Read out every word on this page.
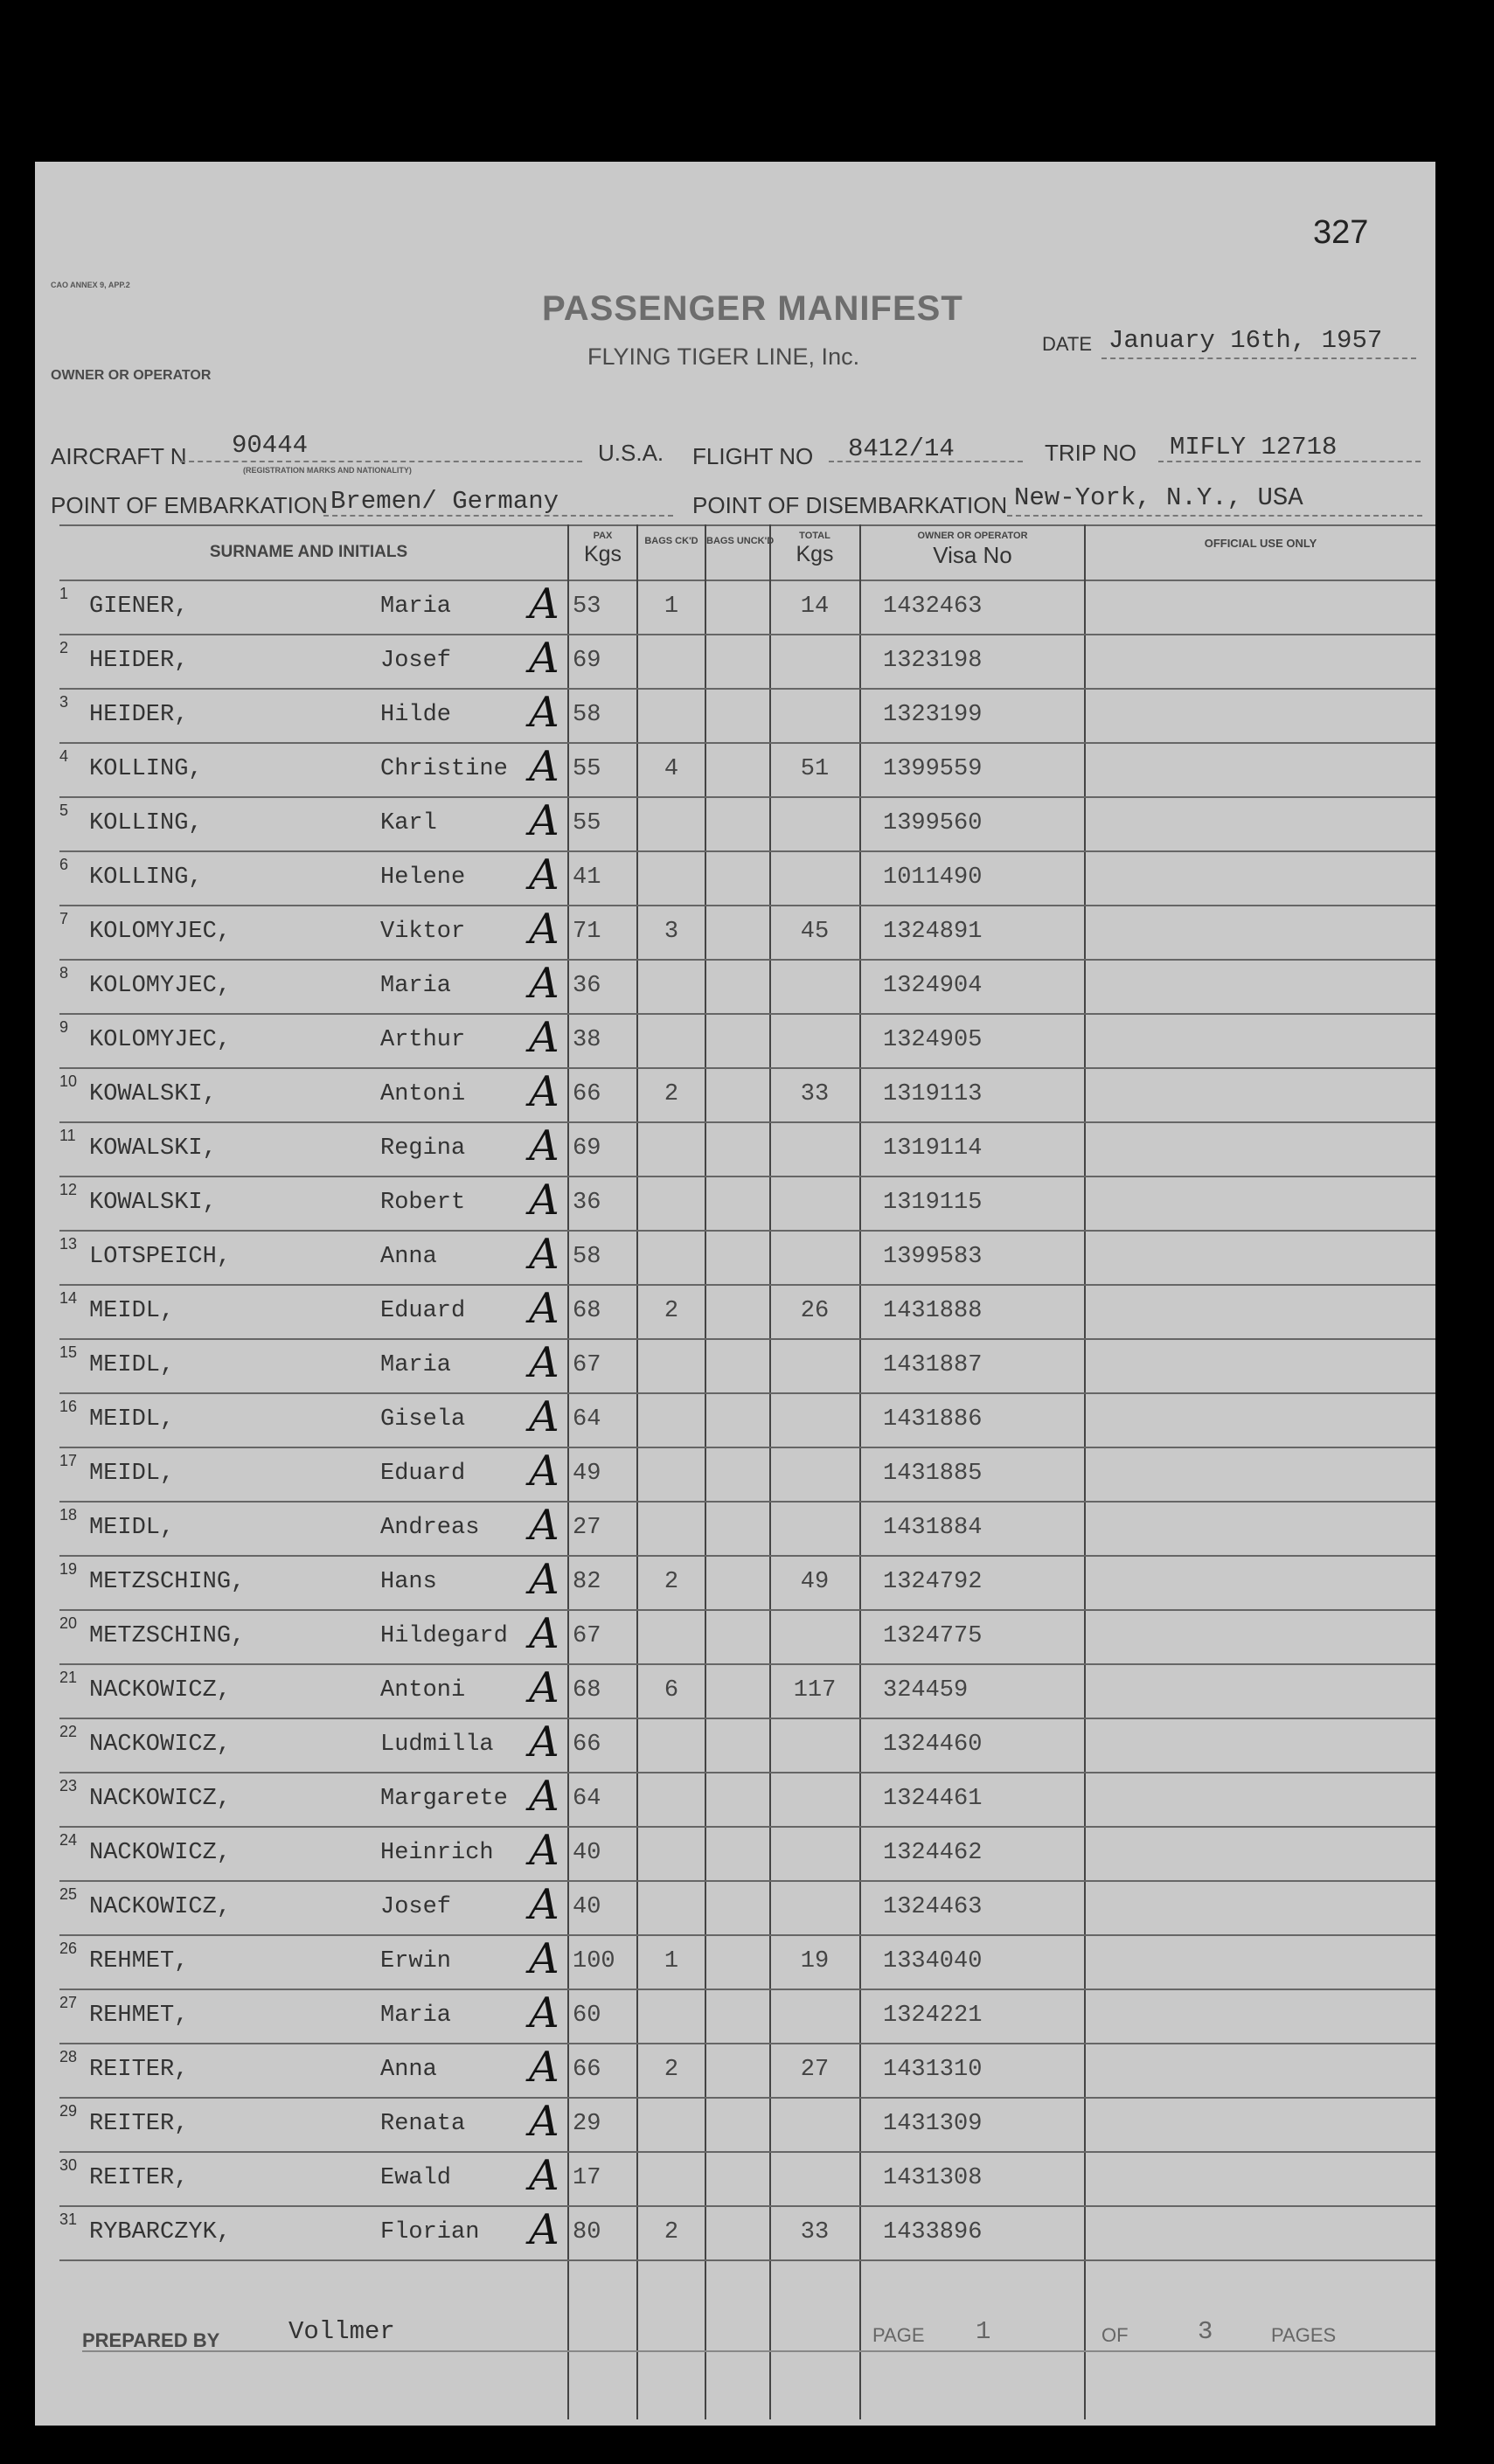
327
CAO ANNEX 9, APP.2
PASSENGER MANIFEST
FLYING TIGER LINE, Inc.
OWNER OR OPERATOR
DATE January 16th, 1957
AIRCRAFT N 90444
(REGISTRATION MARKS AND NATIONALITY)
U.S.A. FLIGHT NO 8412/14	TRIP NO MIFLY 12718
POINT OF EMBARKATION Bremen/ Germany	POINT OF DISEMBARKATION New-York, N.Y., USA
SURNAME AND INITIALS
PAX
Kgs
BAGS CK'D BAGS UNCK'D	TOTAL
Kgs
OWNER OR OPERATOR
Visa No	OFFICIAL USE ONLY
1 GIENER,	Maria A 53	1	14	1432463
2 HEIDER,	Josef A 69	1323198
3 HEIDER,	Hilde A 58	1323199
4 KOLLING,	Christine A 55	4	51	1399559
5 KOLLING,	Karl A 55	1399560
6 KOLLING,	Helene A 41	1011490
7 KOLOMYJEC,	Viktor A 71	3	45	1324891
8 KOLOMYJEC,	Maria A 36	1324904
9 KOLOMYJEC,	Arthur A 38	1324905
10 KOWALSKI,	Antoni A 66	2	33	1319113
11 KOWALSKI,	Regina A 69	1319114
12 KOWALSKI,	Robert A 36	1319115
13 LOTSPEICH,	Anna A 58	1399583
14 MEIDL,	Eduard A 68	2	26	1431888
15 MEIDL,	Maria A 67	1431887
16 MEIDL,	Gisela A 64	1431886
17 MEIDL,	Eduard A 49	1431885
18 MEIDL,	Andreas A 27	1431884
19 METZSCHING,	Hans A 82	2	49	1324792
20 METZSCHING,	Hildegard A 67	1324775
21 NACKOWICZ,	Antoni A 68	6	117	324459
22 NACKOWICZ,	Ludmilla A 66	1324460
23 NACKOWICZ,	Margarete A 64	1324461
24 NACKOWICZ,	Heinrich A 40	1324462
25 NACKOWICZ,	Josef A 40	1324463
26 REHMET,	Erwin A 100	1	19	1334040
27 REHMET,	Maria A 60	1324221
28 REITER,	Anna A 66	2	27	1431310
29 REITER,	Renata A 29	1431309
30 REITER,	Ewald A 17	1431308
31 RYBARCZYK,	Florian A 80	2	33	1433896
PREPARED BY	Vollmer	PAGE 1	OF	3	PAGES
